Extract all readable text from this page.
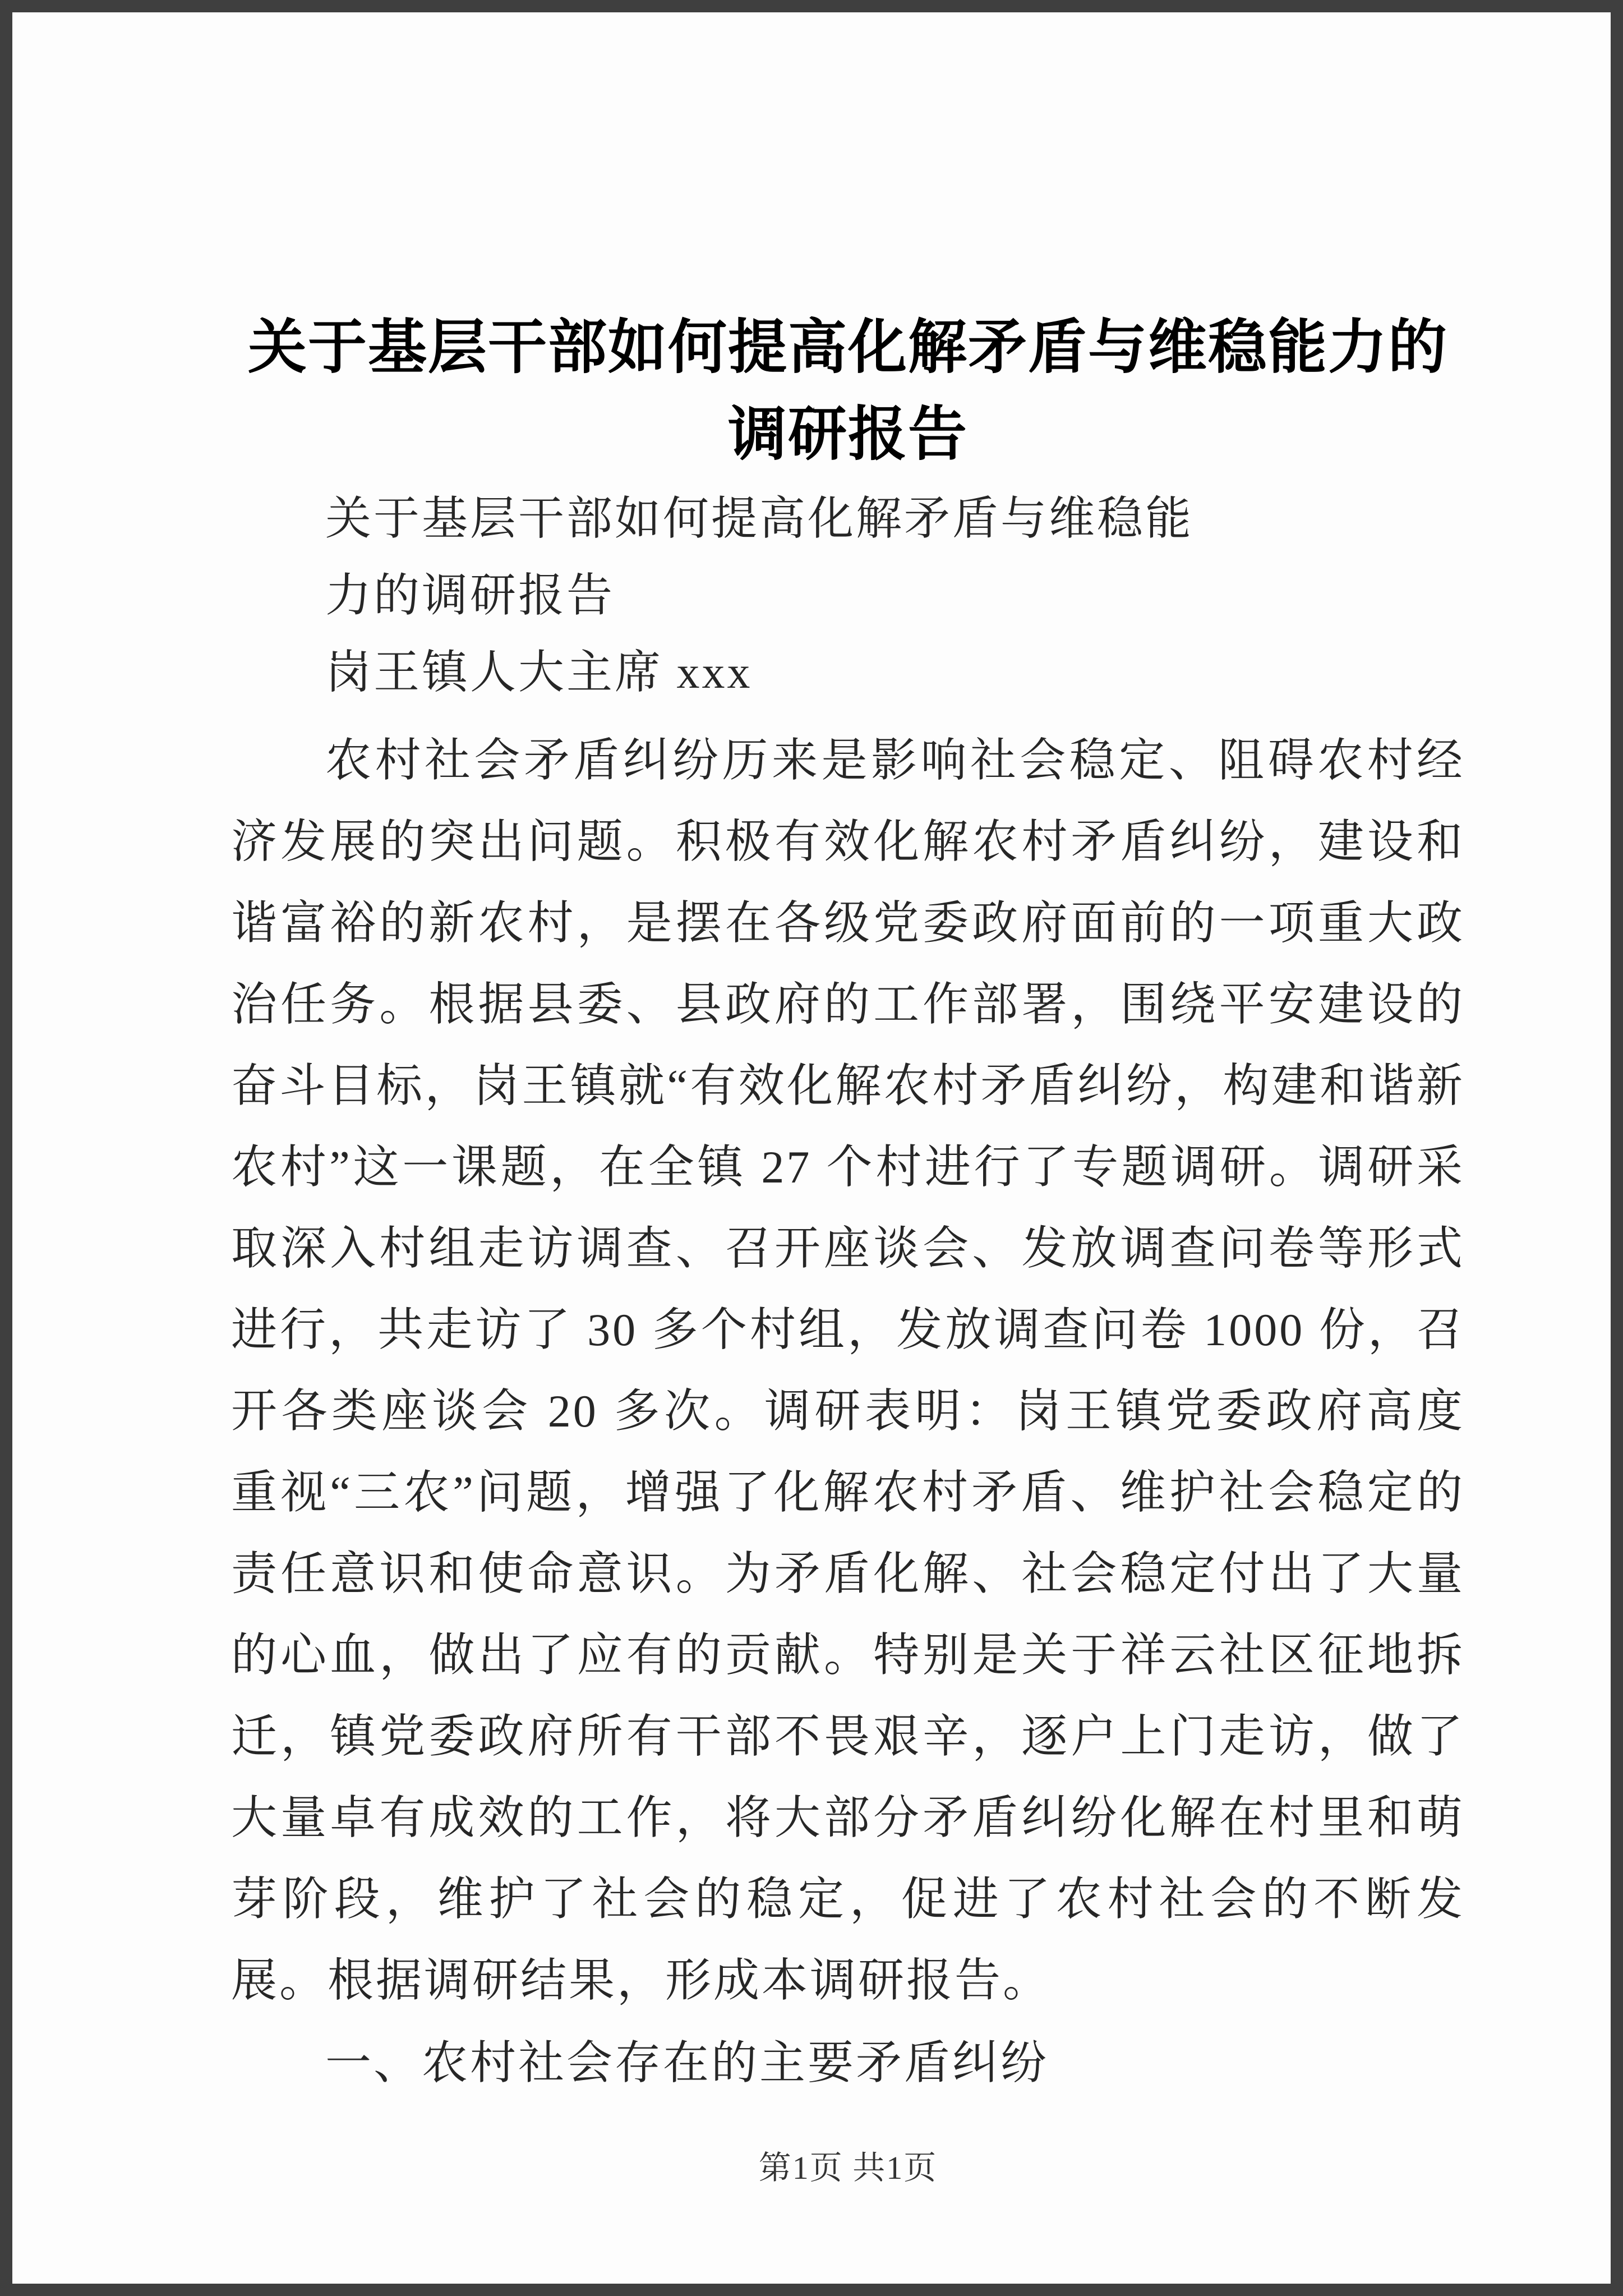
关于基层干部如何提高化解矛盾与维稳能力的调研报告

关于基层干部如何提高化解矛盾与维稳能

力的调研报告

岗王镇人大主席 xxx

农村社会矛盾纠纷历来是影响社会稳定、阻碍农村经济发展的突出问题。积极有效化解农村矛盾纠纷，建设和谐富裕的新农村，是摆在各级党委政府面前的一项重大政治任务。根据县委、县政府的工作部署，围绕平安建设的奋斗目标，岗王镇就“有效化解农村矛盾纠纷，构建和谐新农村”这一课题，在全镇 27 个村进行了专题调研。调研采取深入村组走访调查、召开座谈会、发放调查问卷等形式进行，共走访了 30 多个村组，发放调查问卷 1000 份，召开各类座谈会 20 多次。调研表明：岗王镇党委政府高度重视“三农”问题，增强了化解农村矛盾、维护社会稳定的责任意识和使命意识。为矛盾化解、社会稳定付出了大量的心血，做出了应有的贡献。特别是关于祥云社区征地拆迁，镇党委政府所有干部不畏艰辛，逐户上门走访，做了大量卓有成效的工作，将大部分矛盾纠纷化解在村里和萌芽阶段，维护了社会的稳定，促进了农村社会的不断发展。根据调研结果，形成本调研报告。

一、农村社会存在的主要矛盾纠纷

第1页 共1页
